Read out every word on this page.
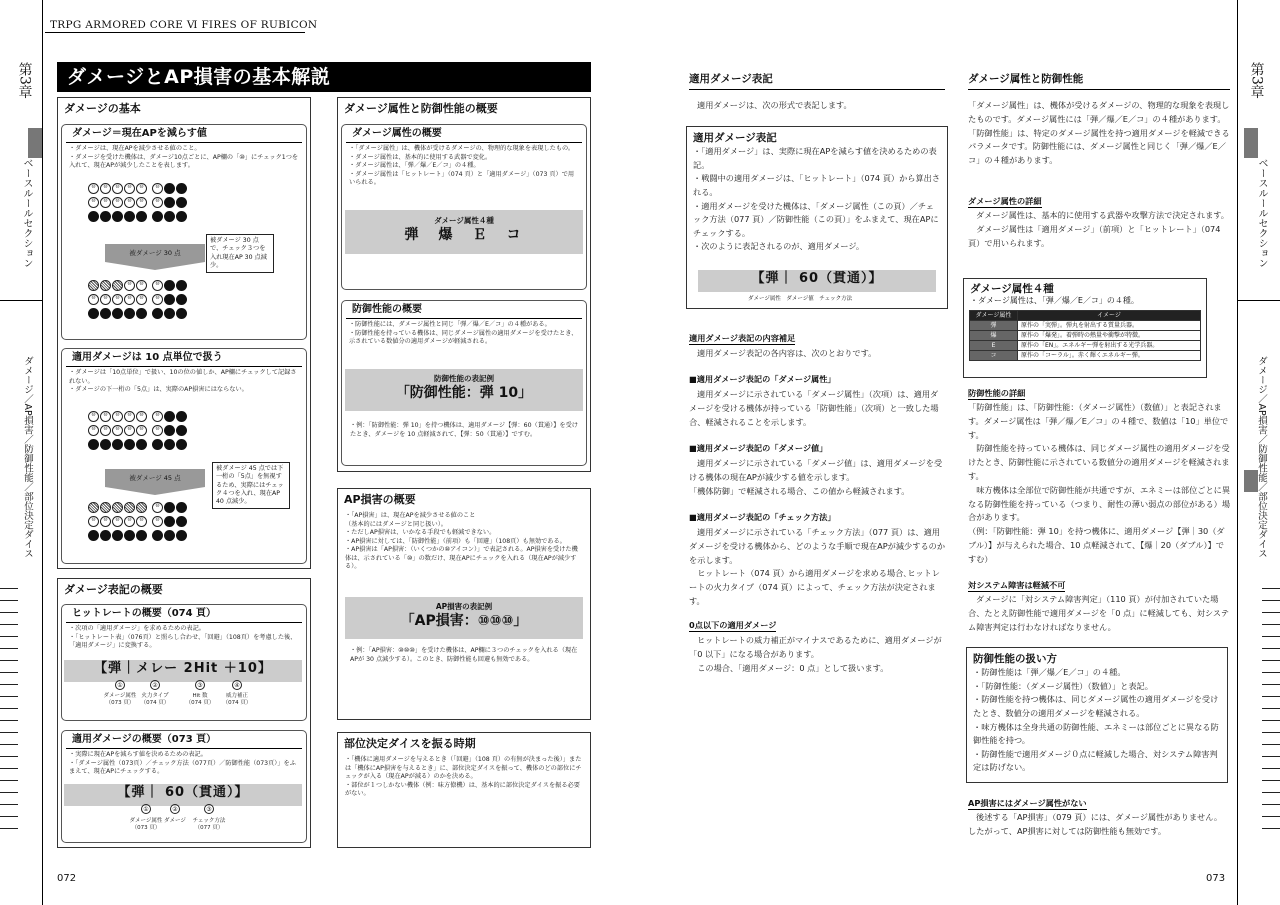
TRPG ARMORED CORE Ⅵ FIRES OF RUBICON
第3章
ベースルールセクション
ダメージ／AP損害／防御性能／部位決定ダイス
第3章
ベースルールセクション
ダメージ／AP損害／防御性能／部位決定ダイス
072	073
ダメージとAP損害の基本解説
ダメージの基本
ダメージ＝現在APを減らす値
・ダメージは、現在APを減少させる値のこと。
・ダメージを受けた機体は、ダメージ10点ごとに、AP欄の「⑩」にチェック1つを入れて、現在APが減少したことを表します。
適用ダメージは 10 点単位で扱う
・ダメージは「10点単位」で扱い、10の位の値しか、AP欄にチェックして記録されない。
・ダメージの下一桁の「5点」は、実際のAP損害にはならない。
⑩	⑩	⑩	⑩	⑩	⑩
⑩	⑩	⑩	⑩	⑩	⑩
⑩	⑩	⑩
⑩	⑩	⑩	⑩	⑩	⑩
⑩	⑩	⑩	⑩	⑩	⑩
⑩	⑩	⑩	⑩	⑩	⑩
⑩
⑩	⑩	⑩	⑩	⑩	⑩
被ダメージ 30 点
被ダメージ 30 点で、チェック３つを入れ現在AP 30 点減少。
被ダメージ 45 点
被ダメージ 45 点では下一桁の「5点」を無視するため、実際にはチェック４つを入れ、現在AP 40 点減少。
ダメージ表記の概要
ヒットレートの概要（074 頁）
・次項の「適用ダメージ」を求めるための表記。
・「ヒットレート表」（076頁）と照らし合わせ、「回避」（108頁）を考慮した後、「適用ダメージ」に変換する。
【弾｜メレー 2Hit ＋10】
①
ダメージ属性
（073 頁）
②
火力タイプ
（074 頁）
③
Hit 数
（074 頁）
④
威力補正
（074 頁）
適用ダメージの概要（073 頁）
・実際に現在APを減らす値を決めるための表記。
・「ダメージ属性（073頁）／チェック方法（077頁）／防御性能（073頁）」をふまえて、現在APにチェックする。
【弾｜ 60（貫通）】
①
ダメージ属性
（073 頁）
②
ダメージ
③
チェック方法
（077 頁）
ダメージ属性と防御性能の概要
ダメージ属性の概要
・「ダメージ属性」は、機体が受けるダメージの、物理的な現象を表現したもの。
・ダメージ属性は、基本的に使用する武器で変化。
・ダメージ属性は、「弾／爆／E／コ」の４種。
・ダメージ属性は「ヒットレート」（074 頁）と「適用ダメージ」（073 頁）で用いられる。
ダメージ属性４種
弾　爆　Ｅ　コ
防御性能の概要
・防御性能には、ダメージ属性と同じ「弾／爆／E／コ」の４種がある。
・防御性能を持っている機体は、同じダメージ属性の適用ダメージを受けたとき、示されている数値分の適用ダメージが軽減される。
防御性能の表記例
「防御性能：弾 10」
・例：「防御性能：弾 10」を持つ機体は、適用ダメージ【弾：60（貫通）】を受けたとき、ダメージを 10 点軽減されて、【弾：50（貫通）】ですむ。
AP損害の概要
・「AP損害」は、現在APを減少させる値のこと
（基本的にはダメージと同じ扱い）。
・ただしAP損害は、いかなる手段でも軽減できない。
・AP損害に対しては、「防御性能」（前項）も「回避」（108頁）も無効である。
・AP損害は「AP損害：（いくつかの⑩アイコン）」で表記される。AP損害を受けた機体は、示されている「⑩」の数だけ、現在APにチェックを入れる（現在APが減少する）。
AP損害の表記例
「AP損害：⑩⑩⑩」
・例：「AP損害：⑩⑩⑩」を受けた機体は、AP欄に３つのチェックを入れる（現在APが 30 点減少する）。このとき、防御性能も回避も無効である。
部位決定ダイスを振る時期
・「機体に適用ダメージを与えるとき（「回避」（108 頁）の有無が決まった後）」または「機体にAP損害を与えるとき」に、部位決定ダイスを振って、機体のどの部位にチェックが入る（現在APが減る）のかを決める。
・部位が１つしかない機体（例：味方僚機）は、基本的に部位決定ダイスを振る必要がない。
適用ダメージ表記
適用ダメージは、次の形式で表記します。
適用ダメージ表記
・「適用ダメージ」は、実際に現在APを減らす値を決めるための表記。
・戦闘中の適用ダメージは、「ヒットレート」（074 頁）から算出される。
・適用ダメージを受けた機体は、「ダメージ属性（この頁）／チェック方法（077 頁）／防御性能（この頁）」をふまえて、現在APにチェックする。
・次のように表記されるのが、適用ダメージ。
【弾｜ 60（貫通）】
ダメージ属性　ダメージ値　チェック方法
適用ダメージ表記の内容補足
適用ダメージ表記の各内容は、次のとおりです。
■適用ダメージ表記の「ダメージ属性」
適用ダメージに示されている「ダメージ属性」（次項）は、適用ダメージを受ける機体が持っている「防御性能」（次項）と一致した場合、軽減されることを示します。
■適用ダメージ表記の「ダメージ値」
適用ダメージに示されている「ダメージ値」は、適用ダメージを受ける機体の現在APが減少する値を示します。
「機体防御」で軽減される場合、この値から軽減されます。
■適用ダメージ表記の「チェック方法」
適用ダメージに示されている「チェック方法」（077 頁）は、適用ダメージを受ける機体から、どのような手順で現在APが減少するのかを示します。
　ヒットレート（074 頁）から適用ダメージを求める場合､ヒットレートの火力タイプ（074 頁）によって、チェック方法が決定されます。
0点以下の適用ダメージ
ヒットレートの威力補正がマイナスであるために、適用ダメージが「0 以下」になる場合があります。
　この場合、「適用ダメージ：0 点」として扱います。
ダメージ属性と防御性能
「ダメージ属性」は、機体が受けるダメージの、物理的な現象を表現したものです。ダメージ属性には「弾／爆／E／コ」の４種があります。
「防御性能」は、特定のダメージ属性を持つ適用ダメージを軽減できるパラメータです。防御性能には、ダメージ属性と同じく「弾／爆／E／コ」の４種があります。
ダメージ属性の詳細
ダメージ属性は、基本的に使用する武器や攻撃方法で決定されます。
　ダメージ属性は「適用ダメージ」（前項）と「ヒットレート」（074 頁）で用いられます。
ダメージ属性４種
・ダメージ属性は、「弾／爆／E／コ」の４種。
ダメージ属性	イメージ
弾	原作の「実弾」。弾丸を射出する質量兵器。
爆	原作の「爆発」。着弾時の熱量や衝撃が特徴。
E	原作の「EN」。エネルギー弾を射出する光学兵器。
コ	原作の「コーラル」。赤く輝くエネルギー弾。
防御性能の詳細
「防御性能」は、「防御性能：（ダメージ属性）（数値）」と表記されます。ダメージ属性は「弾／爆／E／コ」の４種で、数値は「10」単位です。
　防御性能を持っている機体は、同じダメージ属性の適用ダメージを受けたとき、防御性能に示されている数値分の適用ダメージを軽減されます。
　味方機体は全部位で防御性能が共通ですが、エネミーは部位ごとに異なる防御性能を持っている（つまり、耐性の薄い弱点の部位がある）場合があります。
（例：「防御性能：弾 10」を持つ機体に、適用ダメージ【弾｜30（ダブル）】が与えられた場合、10 点軽減されて、【爆｜20（ダブル）】ですむ）
対システム障害は軽減不可
ダメージに「対システム障害判定」（110 頁）が付加されていた場合、たとえ防御性能で適用ダメージを「0 点」に軽減しても、対システム障害判定は行わなければなりません。
防御性能の扱い方
・防御性能は「弾／爆／E／コ」の４種。
・「防御性能：（ダメージ属性）（数値）」と表記。
・防御性能を持つ機体は、同じダメージ属性の適用ダメージを受けたとき、数値分の適用ダメージを軽減される。
・味方機体は全身共通の防御性能、エネミーは部位ごとに異なる防御性能を持つ。
・防御性能で適用ダメージ０点に軽減した場合、対システム障害判定は防げない。
AP損害にはダメージ属性がない
後述する「AP損害」（079 頁）には、ダメージ属性がありません。したがって、AP損害に対しては防御性能も無効です。
